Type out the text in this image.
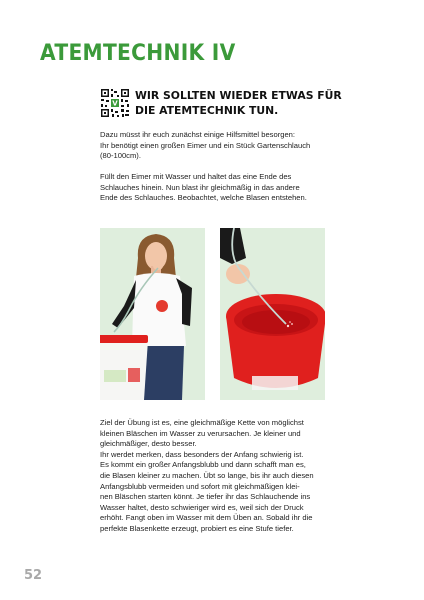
ATEMTECHNIK IV
V
WIR SOLLTEN WIEDER ETWAS FÜR
DIE ATEMTECHNIK TUN.
Dazu müsst ihr euch zunächst einige Hilfsmittel besorgen:
Ihr benötigt einen großen Eimer und ein Stück Gartenschlauch
(80-100cm).
Füllt den Eimer mit Wasser und haltet das eine Ende des
Schlauches hinein. Nun blast ihr gleichmäßig in das andere
Ende des Schlauches. Beobachtet, welche Blasen entstehen.
Ziel der Übung ist es, eine gleichmäßige Kette von möglichst
kleinen Bläschen im Wasser zu verursachen. Je kleiner und
gleichmäßiger, desto besser.
Ihr werdet merken, dass besonders der Anfang schwierig ist.
Es kommt ein großer Anfangsblubb und dann schafft man es,
die Blasen kleiner zu machen. Übt so lange, bis ihr auch diesen
Anfangsblubb vermeiden und sofort mit gleichmäßigen klei-
nen Bläschen starten könnt. Je tiefer ihr das Schlauchende ins
Wasser haltet, desto schwieriger wird es, weil sich der Druck
erhöht. Fangt oben im Wasser mit dem Üben an. Sobald ihr die
perfekte Blasenkette erzeugt, probiert es eine Stufe tiefer.
52
